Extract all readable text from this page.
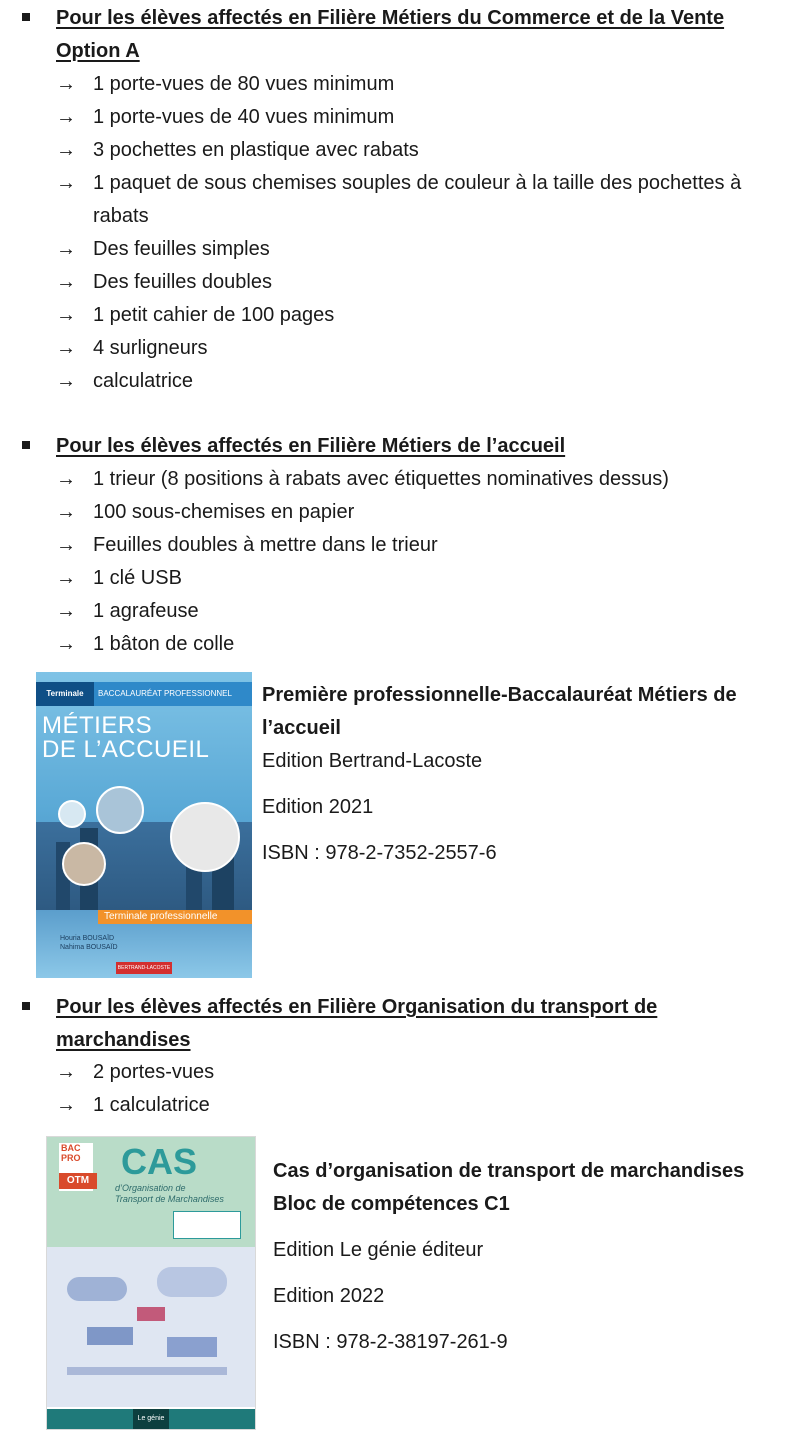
Pour les élèves affectés en Filière Métiers du Commerce et de la Vente Option A
→ 1 porte-vues de 80 vues minimum
→ 1 porte-vues de 40 vues minimum
→ 3 pochettes en plastique avec rabats
→ 1 paquet de sous chemises souples de couleur à la taille des pochettes à rabats
→ Des feuilles simples
→ Des feuilles doubles
→ 1 petit cahier de 100 pages
→ 4 surligneurs
→ calculatrice
Pour les élèves affectés en Filière Métiers de l’accueil
→ 1 trieur (8 positions à rabats avec étiquettes nominatives dessus)
→ 100 sous-chemises en papier
→ Feuilles doubles à mettre dans le trieur
→ 1 clé USB
→ 1 agrafeuse
→ 1 bâton de colle
Terminale	BACCALAURÉAT PROFESSIONNEL
MÉTIERS
DE L’ACCUEIL
Terminale professionnelle
Houria BOUSAÏD
Nahima BOUSAÏD
BERTRAND-LACOSTE
Première professionnelle-Baccalauréat Métiers de l’accueil
Edition Bertrand-Lacoste
Edition 2021
ISBN : 978-2-7352-2557-6
Pour les élèves affectés en Filière Organisation du transport de marchandises
→ 2 portes-vues
→ 1 calculatrice
BAC
PRO
OTM CAS
d’Organisation de Transport de Marchandises
Le génie
Cas d’organisation de transport de marchandises
Bloc de compétences C1
Edition Le génie éditeur
Edition 2022
ISBN : 978-2-38197-261-9
